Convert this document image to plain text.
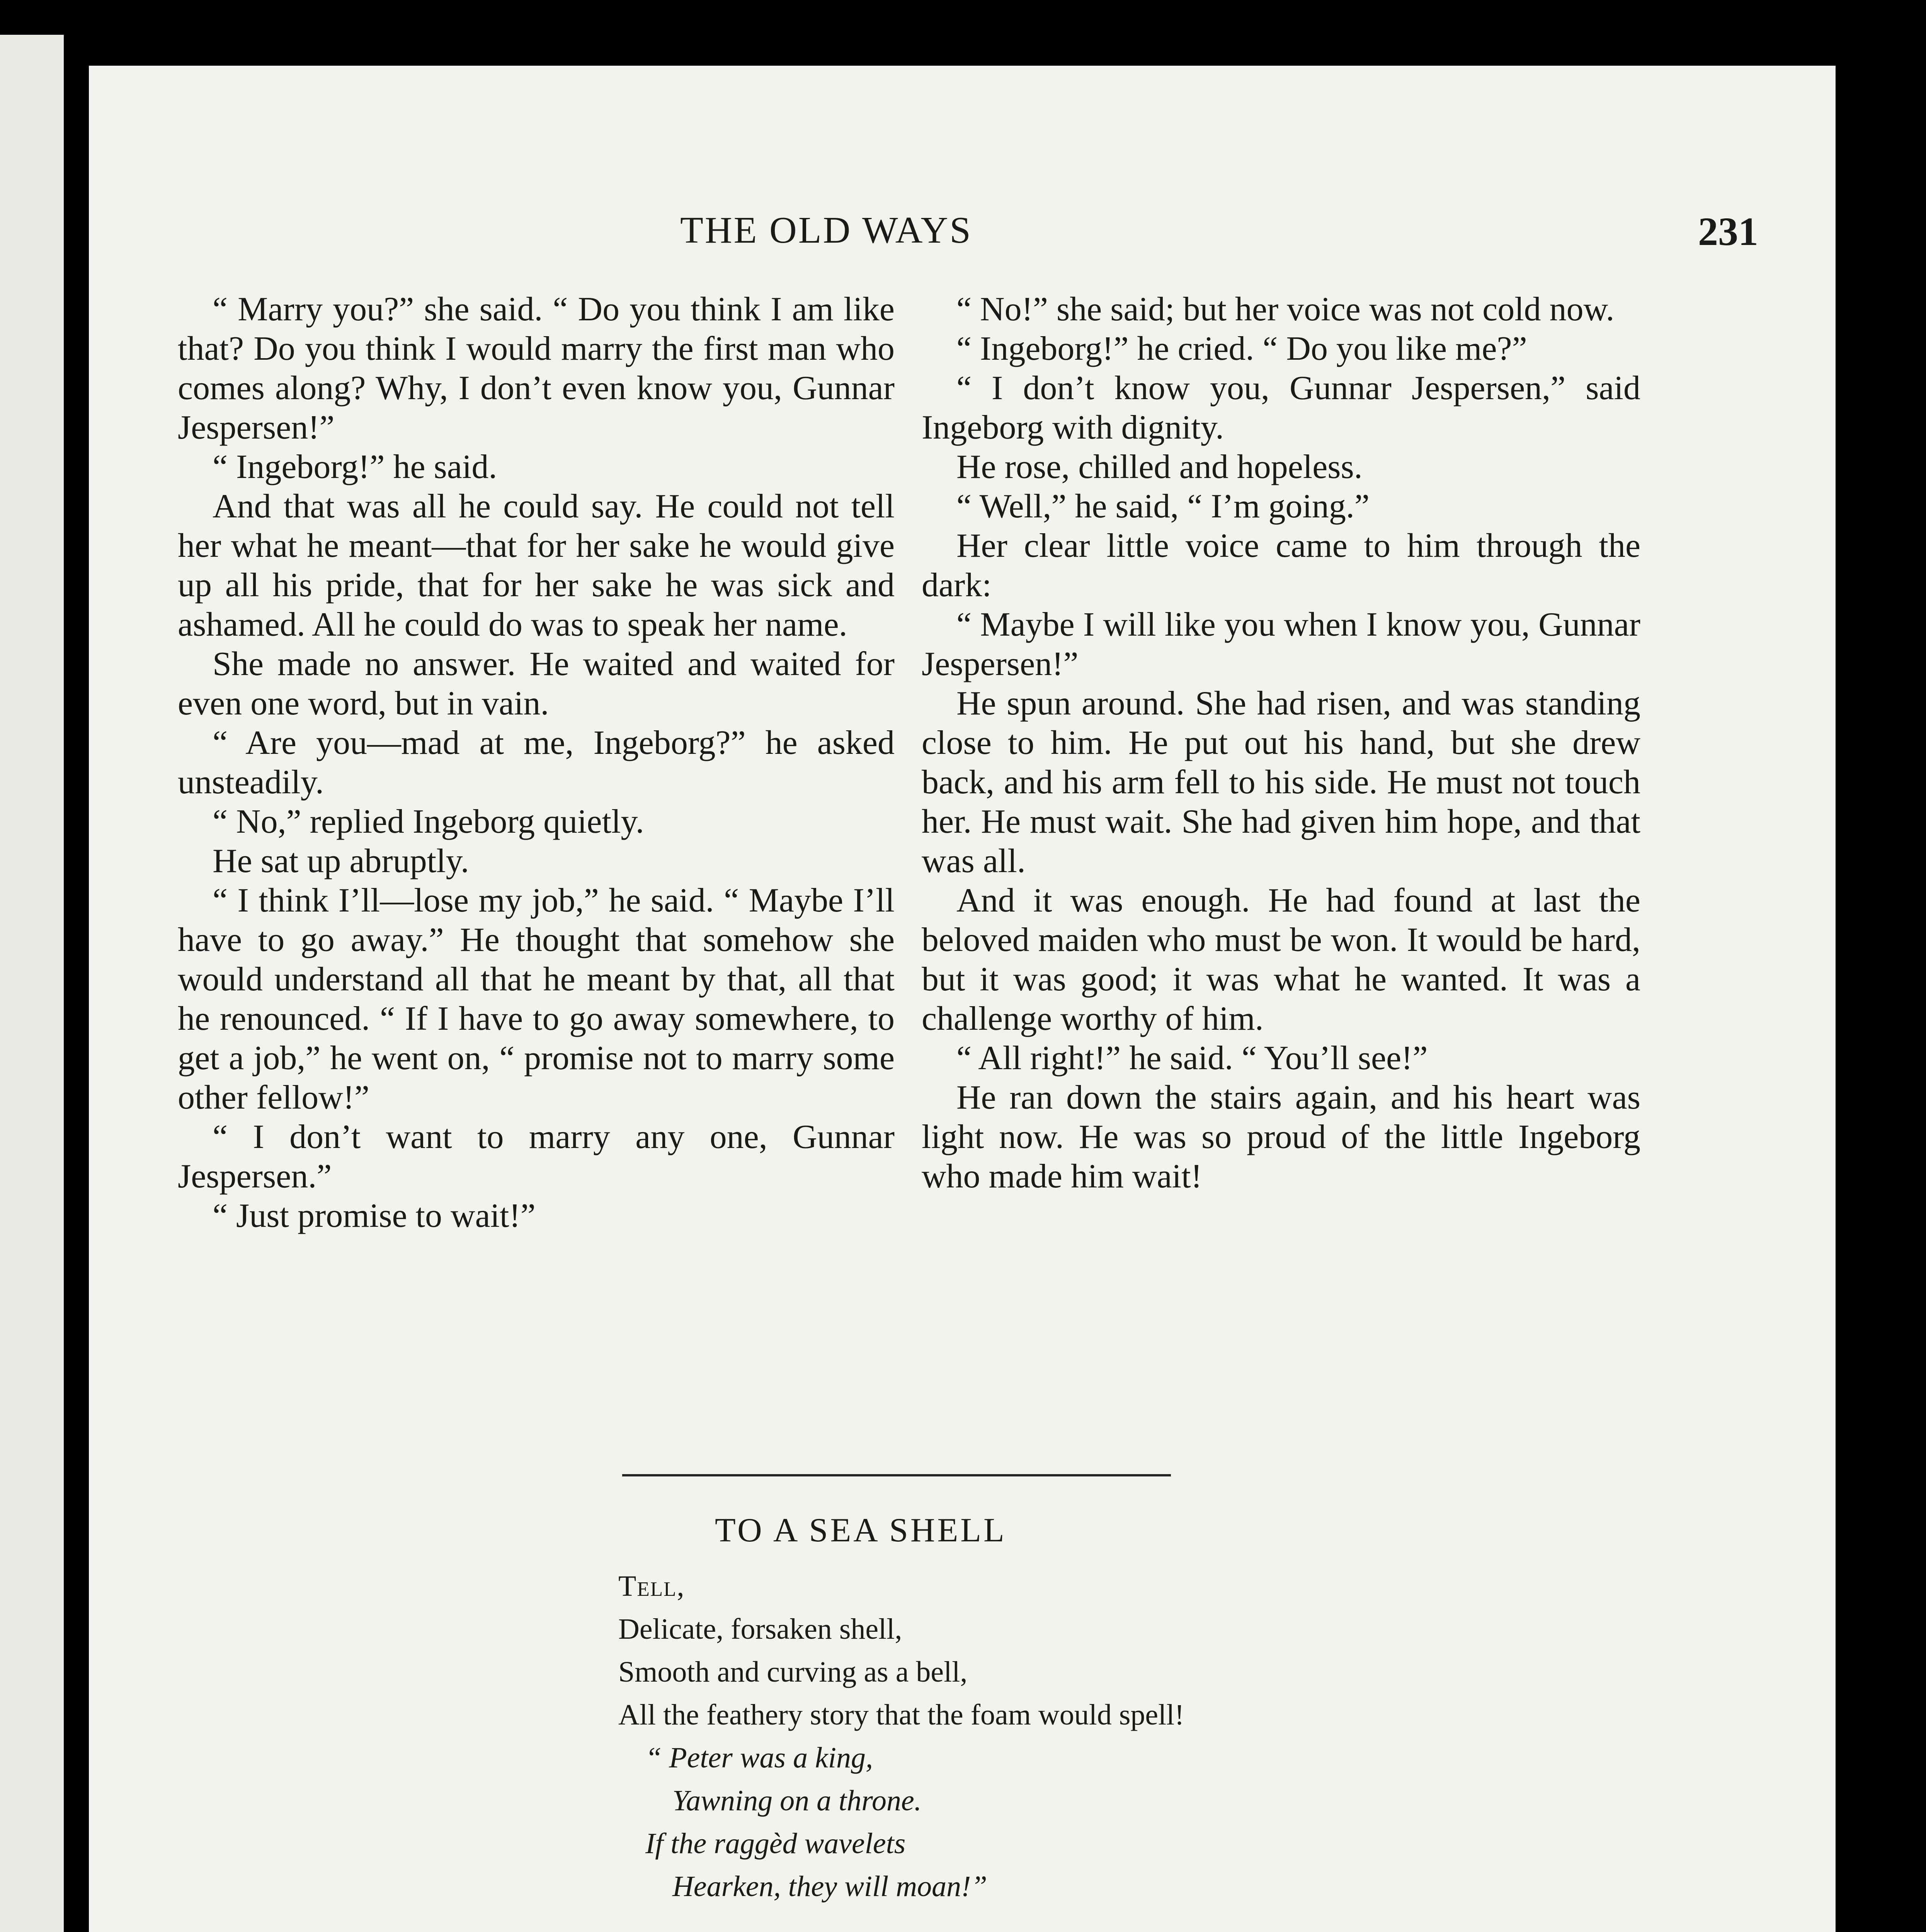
THE OLD WAYS	231

“ Marry you?” she said. “ Do you think I am like that? Do you think I would marry the first man who comes along? Why, I don’t even know you, Gunnar Jespersen!”

“ Ingeborg!” he said.

And that was all he could say. He could not tell her what he meant—that for her sake he would give up all his pride, that for her sake he was sick and ashamed. All he could do was to speak her name.

She made no answer. He waited and waited for even one word, but in vain.

“ Are you—mad at me, Ingeborg?” he asked unsteadily.

“ No,” replied Ingeborg quietly.

He sat up abruptly.

“ I think I’ll—lose my job,” he said. “ Maybe I’ll have to go away.” He thought that somehow she would understand all that he meant by that, all that he renounced. “ If I have to go away somewhere, to get a job,” he went on, “ promise not to marry some other fellow!”

“ I don’t want to marry any one, Gunnar Jespersen.”

“ Just promise to wait!”

“ No!” she said; but her voice was not cold now.

“ Ingeborg!” he cried. “ Do you like me?”

“ I don’t know you, Gunnar Jespersen,” said Ingeborg with dignity.

He rose, chilled and hopeless.

“ Well,” he said, “ I’m going.”

Her clear little voice came to him through the dark:

“ Maybe I will like you when I know you, Gunnar Jespersen!”

He spun around. She had risen, and was standing close to him. He put out his hand, but she drew back, and his arm fell to his side. He must not touch her. He must wait. She had given him hope, and that was all.

And it was enough. He had found at last the beloved maiden who must be won. It would be hard, but it was good; it was what he wanted. It was a challenge worthy of him.

“ All right!” he said. “ You’ll see!”

He ran down the stairs again, and his heart was light now. He was so proud of the little Ingeborg who made him wait!

TO A SEA SHELL
Tell,
Delicate, forsaken shell,
Smooth and curving as a bell,
All the feathery story that the foam would spell!
“ Peter was a king,
Yawning on a throne.
If the raggèd wavelets
Hearken, they will moan!”
